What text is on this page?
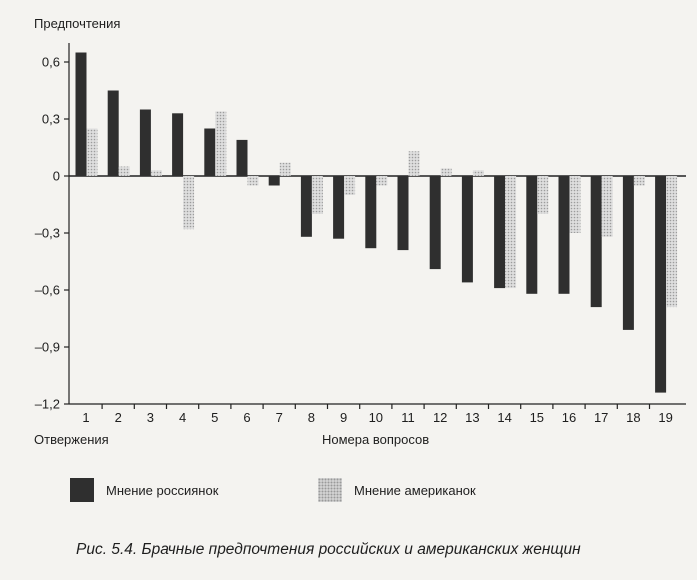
0,6
0,3
0
–0,3
–0,6
–0,9
–1,2
1 2 3 4 5 6 7 8 9 10 11 12 13 14 15 16 17 18 19
Предпочтения
Отвержения	Номера вопросов
Мнение россиянок	Мнение американок
Рис. 5.4. Брачные предпочтения российских и американских женщин
